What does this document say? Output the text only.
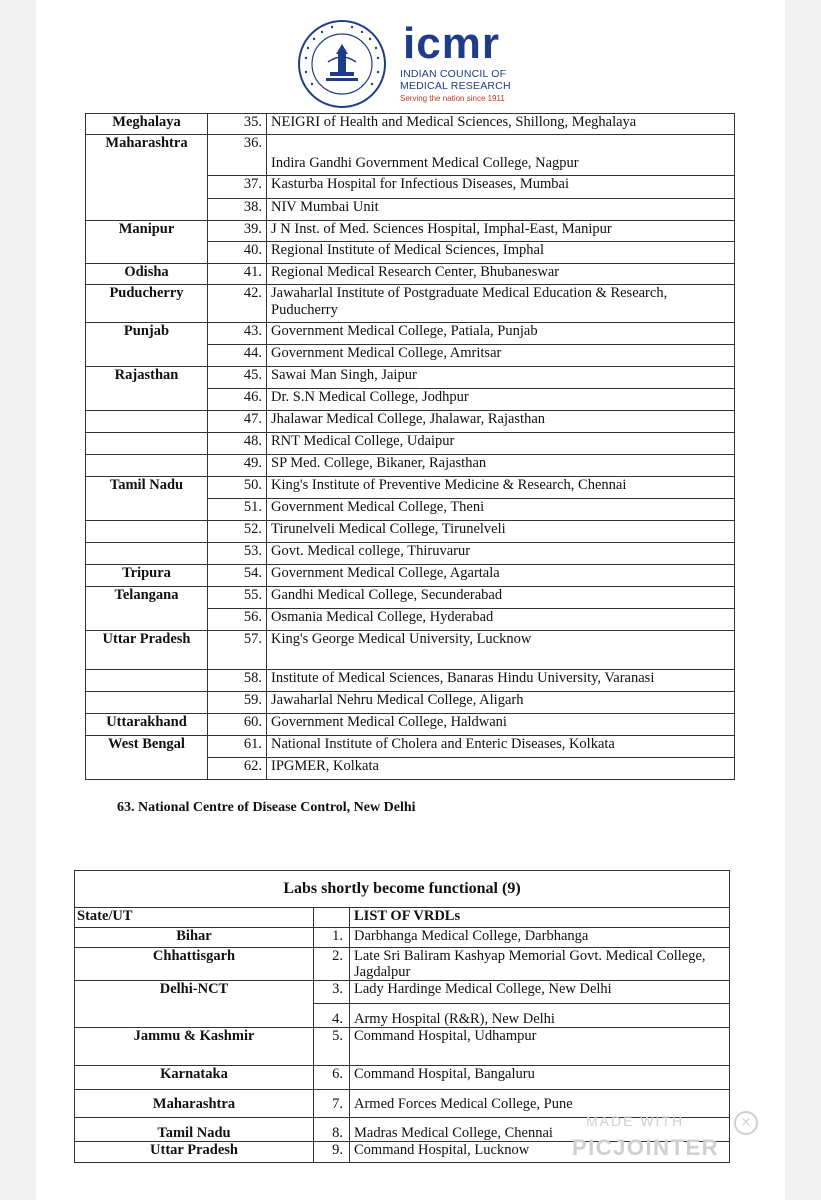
icmr
INDIAN COUNCIL OF
MEDICAL RESEARCH
Serving the nation since 1911
Meghalaya	35.	NEIGRI of Health and Medical Sciences, Shillong, Meghalaya
Maharashtra	36.	Indira Gandhi Government Medical College, Nagpur
	37.	Kasturba Hospital for Infectious Diseases, Mumbai
	38.	NIV Mumbai Unit
Manipur	39.	J N Inst. of Med. Sciences Hospital, Imphal-East, Manipur
	40.	Regional Institute of Medical Sciences, Imphal
Odisha	41.	Regional Medical Research Center, Bhubaneswar
Puducherry	42.	Jawaharlal Institute of Postgraduate Medical Education & Research, Puducherry
Punjab	43.	Government Medical College, Patiala, Punjab
	44.	Government Medical College, Amritsar
Rajasthan	45.	Sawai Man Singh, Jaipur
	46.	Dr. S.N Medical College, Jodhpur
	47.	Jhalawar Medical College, Jhalawar, Rajasthan
	48.	RNT Medical College, Udaipur
	49.	SP Med. College, Bikaner, Rajasthan
Tamil Nadu	50.	King's Institute of Preventive Medicine & Research, Chennai
	51.	Government Medical College, Theni
	52.	Tirunelveli Medical College, Tirunelveli
	53.	Govt. Medical college, Thiruvarur
Tripura	54.	Government Medical College, Agartala
Telangana	55.	Gandhi Medical College, Secunderabad
	56.	Osmania Medical College, Hyderabad
Uttar Pradesh	57.	King's George Medical University, Lucknow
	58.	Institute of Medical Sciences, Banaras Hindu University, Varanasi
	59.	Jawaharlal Nehru Medical College, Aligarh
Uttarakhand	60.	Government Medical College, Haldwani
West Bengal	61.	National Institute of Cholera and Enteric Diseases, Kolkata
	62.	IPGMER, Kolkata
63. National Centre of Disease Control, New Delhi
Labs shortly become functional (9)		
State/UT		LIST OF VRDLs
Bihar	1.	Darbhanga Medical College, Darbhanga
Chhattisgarh	2.	Late Sri Baliram Kashyap Memorial Govt. Medical College, Jagdalpur
Delhi-NCT	3.	Lady Hardinge Medical College, New Delhi
	4.	Army Hospital (R&R), New Delhi
Jammu & Kashmir	5.	Command Hospital, Udhampur
Karnataka	6.	Command Hospital, Bangaluru
Maharashtra	7.	Armed Forces Medical College, Pune
Tamil Nadu	8.	Madras Medical College, Chennai
Uttar Pradesh	9.	Command Hospital, Lucknow
MADE WITH
PICJOINTER
×
